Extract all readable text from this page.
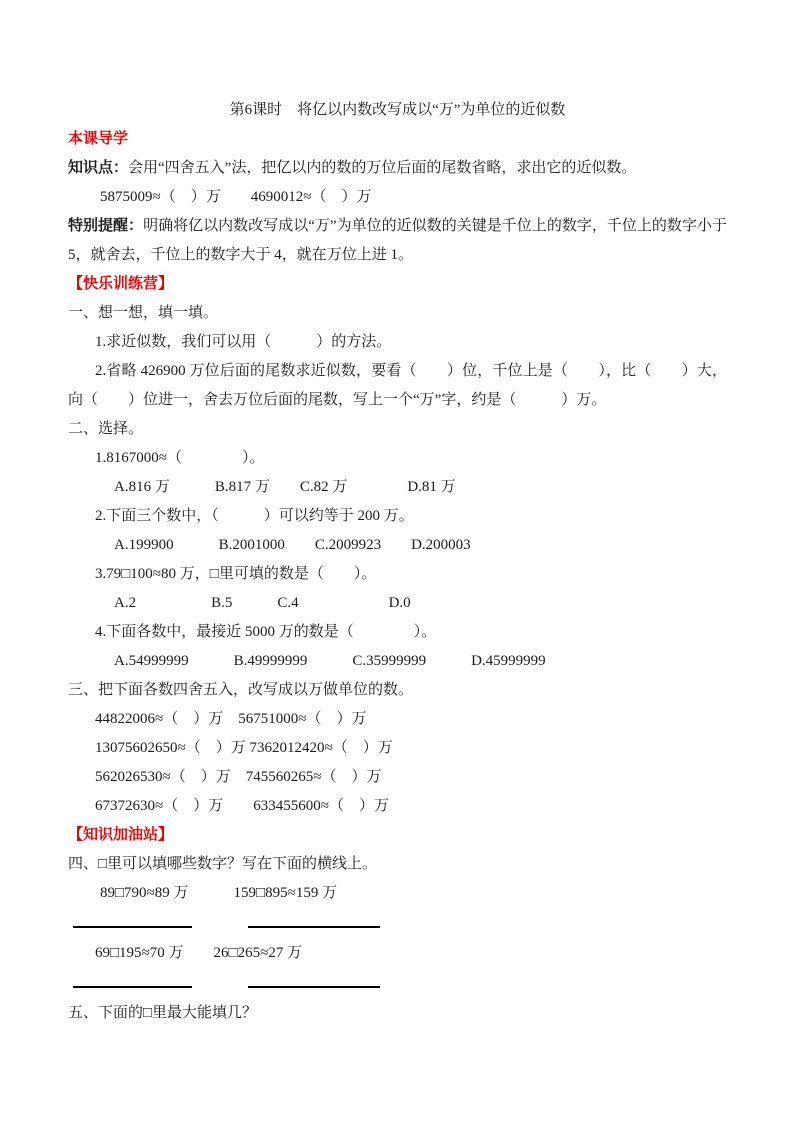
第6课时　将亿以内数改写成以“万”为单位的近似数
本课导学
知识点：会用“四舍五入”法，把亿以内的数的万位后面的尾数省略，求出它的近似数。
5875009≈（　）万　　4690012≈（　）万
特别提醒：明确将亿以内数改写成以“万”为单位的近似数的关键是千位上的数字，千位上的数字小于 5，就舍去，千位上的数字大于 4，就在万位上进 1。
【快乐训练营】
一、想一想，填一填。
1.求近似数，我们可以用（　　　）的方法。
2.省略 426900 万位后面的尾数求近似数，要看（　　）位，千位上是（　　），比（　　）大，向（　　）位进一，舍去万位后面的尾数，写上一个“万”字，约是（　　　）万。
二、选择。
1.8167000≈（　　　　）。
A.816 万　　　B.817 万　　C.82 万　　　　D.81 万
2.下面三个数中，（　　　）可以约等于 200 万。
A.199900　　　B.2001000　　C.2009923　　D.200003
3.79□100≈80 万，□里可填的数是（　　）。
A.2　　　　　B.5　　　C.4　　　　　　D.0
4.下面各数中，最接近 5000 万的数是（　　　　）。
A.54999999　　　B.49999999　　　C.35999999　　　D.45999999
三、把下面各数四舍五入，改写成以万做单位的数。
44822006≈（　）万　56751000≈（　）万
13075602650≈（　）万 7362012420≈（　）万
562026530≈（　）万　745560265≈（　）万
67372630≈（　）万　　633455600≈（　）万
【知识加油站】
四、□里可以填哪些数字？写在下面的横线上。
89□790≈89 万　　　159□895≈159 万
69□195≈70 万　　26□265≈27 万
五、下面的□里最大能填几？
